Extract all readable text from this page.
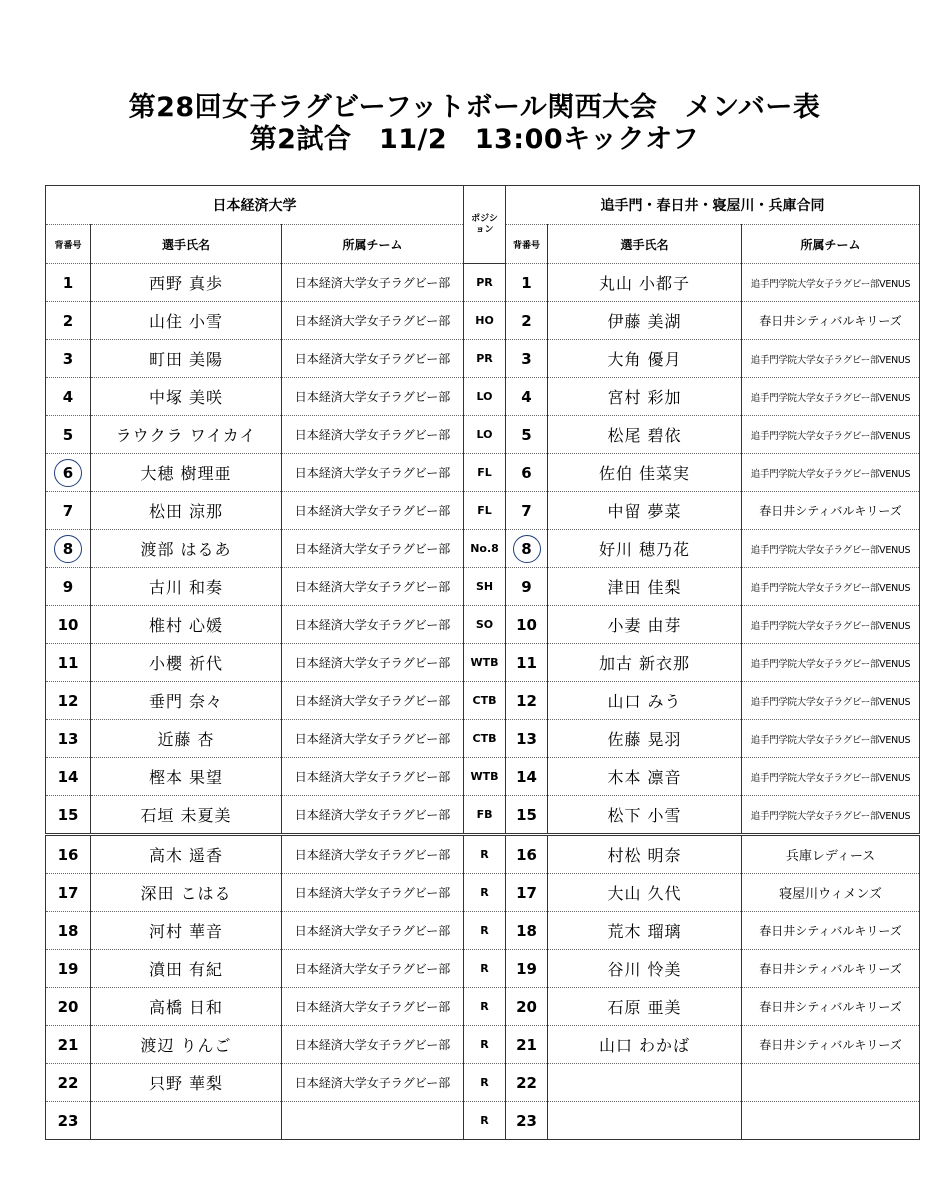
第28回女子ラグビーフットボール関西大会　メンバー表
第2試合　11/2　13:00キックオフ
日本経済大学			ポジション	追手門・春日井・寝屋川・兵庫合同		
背番号	選手氏名	所属チーム		背番号	選手氏名	所属チーム
1	西野 真歩	日本経済大学女子ラグビー部	PR	1	丸山 小都子	追手門学院大学女子ラグビー部VENUS
2	山住 小雪	日本経済大学女子ラグビー部	HO	2	伊藤 美湖	春日井シティバルキリーズ
3	町田 美陽	日本経済大学女子ラグビー部	PR	3	大角 優月	追手門学院大学女子ラグビー部VENUS
4	中塚 美咲	日本経済大学女子ラグビー部	LO	4	宮村 彩加	追手門学院大学女子ラグビー部VENUS
5	ラウクラ ワイカイ	日本経済大学女子ラグビー部	LO	5	松尾 碧依	追手門学院大学女子ラグビー部VENUS
6	大穂 樹理亜	日本経済大学女子ラグビー部	FL	6	佐伯 佳菜実	追手門学院大学女子ラグビー部VENUS
7	松田 涼那	日本経済大学女子ラグビー部	FL	7	中留 夢菜	春日井シティバルキリーズ
8	渡部 はるあ	日本経済大学女子ラグビー部	No.8	8	好川 穂乃花	追手門学院大学女子ラグビー部VENUS
9	古川 和奏	日本経済大学女子ラグビー部	SH	9	津田 佳梨	追手門学院大学女子ラグビー部VENUS
10	椎村 心媛	日本経済大学女子ラグビー部	SO	10	小妻 由芽	追手門学院大学女子ラグビー部VENUS
11	小櫻 祈代	日本経済大学女子ラグビー部	WTB	11	加古 新衣那	追手門学院大学女子ラグビー部VENUS
12	垂門 奈々	日本経済大学女子ラグビー部	CTB	12	山口 みう	追手門学院大学女子ラグビー部VENUS
13	近藤 杏	日本経済大学女子ラグビー部	CTB	13	佐藤 晃羽	追手門学院大学女子ラグビー部VENUS
14	樫本 果望	日本経済大学女子ラグビー部	WTB	14	木本 凛音	追手門学院大学女子ラグビー部VENUS
15	石垣 未夏美	日本経済大学女子ラグビー部	FB	15	松下 小雪	追手門学院大学女子ラグビー部VENUS
16	高木 遥香	日本経済大学女子ラグビー部	R	16	村松 明奈	兵庫レディース
17	深田 こはる	日本経済大学女子ラグビー部	R	17	大山 久代	寝屋川ウィメンズ
18	河村 華音	日本経済大学女子ラグビー部	R	18	荒木 瑠璃	春日井シティバルキリーズ
19	濆田 有紀	日本経済大学女子ラグビー部	R	19	谷川 怜美	春日井シティバルキリーズ
20	高橋 日和	日本経済大学女子ラグビー部	R	20	石原 亜美	春日井シティバルキリーズ
21	渡辺 りんご	日本経済大学女子ラグビー部	R	21	山口 わかば	春日井シティバルキリーズ
22	只野 華梨	日本経済大学女子ラグビー部	R	22		
23			R	23		
